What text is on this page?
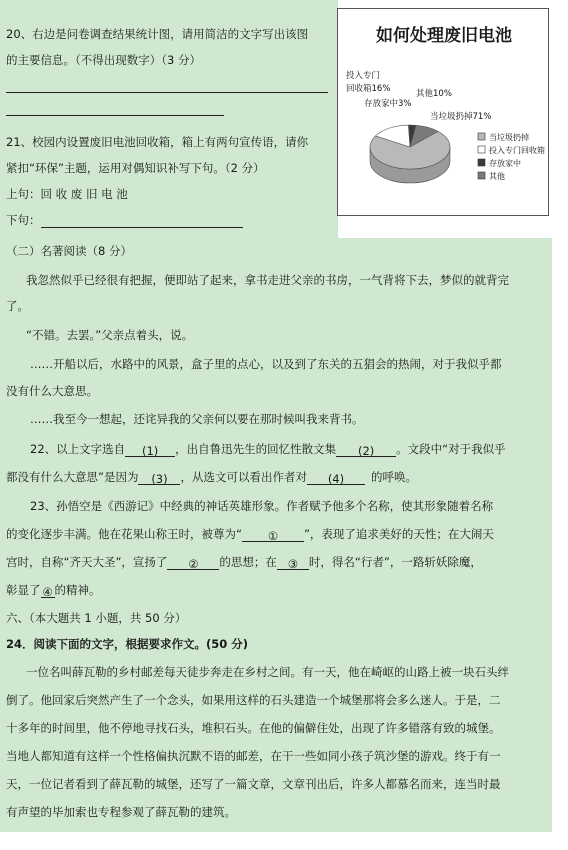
20、右边是问卷调查结果统计图，请用简洁的文字写出该图
的主要信息。（不得出现数字）（3 分）
21、校园内设置废旧电池回收箱，箱上有两句宣传语，请你
紧扣“环保”主题，运用对偶知识补写下句。（2 分）
上句：回 收 废 旧 电 池
下句：
如何处理废旧电池
投入专门
回收箱16%
存放家中3%
其他10%
当垃圾扔掉71%
当垃圾扔掉
投入专门回收箱
存放家中
其他
（二）名著阅读（8 分）
我忽然似乎已经很有把握，便即站了起来，拿书走进父亲的书房，一气背将下去，梦似的就背完
了。
“不错。去罢。”父亲点着头，说。
……开船以后，水路中的风景，盒子里的点心，以及到了东关的五猖会的热闹，对于我似乎都
没有什么大意思。
……我至今一想起，还诧异我的父亲何以要在那时候叫我来背书。
22、以上文字选自 (1) ，出自鲁迅先生的回忆性散文集 (2) 。文段中“对于我似乎
都没有什么大意思”是因为 (3) ，从选文可以看出作者对 (4) 的呼唤。
23、孙悟空是《西游记》中经典的神话英雄形象。作者赋予他多个名称，使其形象随着名称
的变化逐步丰满。他在花果山称王时，被尊为“ ① ”，表现了追求美好的天性；在大闹天
宫时，自称“齐天大圣”，宣扬了 ② 的思想；在 ③ 时，得名“行者”，一路斩妖除魔，
彰显了 ④ 的精神。
六、（本大题共 1 小题，共 50 分）
24．阅读下面的文字，根据要求作文。(50 分)
一位名叫薛瓦勒的乡村邮差每天徒步奔走在乡村之间。有一天，他在崎岖的山路上被一块石头绊
倒了。他回家后突然产生了一个念头，如果用这样的石头建造一个城堡那将会多么迷人。于是，二
十多年的时间里，他不停地寻找石头，堆积石头。在他的偏僻住处，出现了许多错落有致的城堡。
当地人都知道有这样一个性格偏执沉默不语的邮差，在干一些如同小孩子筑沙堡的游戏。终于有一
天，一位记者看到了薛瓦勒的城堡，还写了一篇文章，文章刊出后，许多人都慕名而来，连当时最
有声望的毕加索也专程参观了薛瓦勒的建筑。
